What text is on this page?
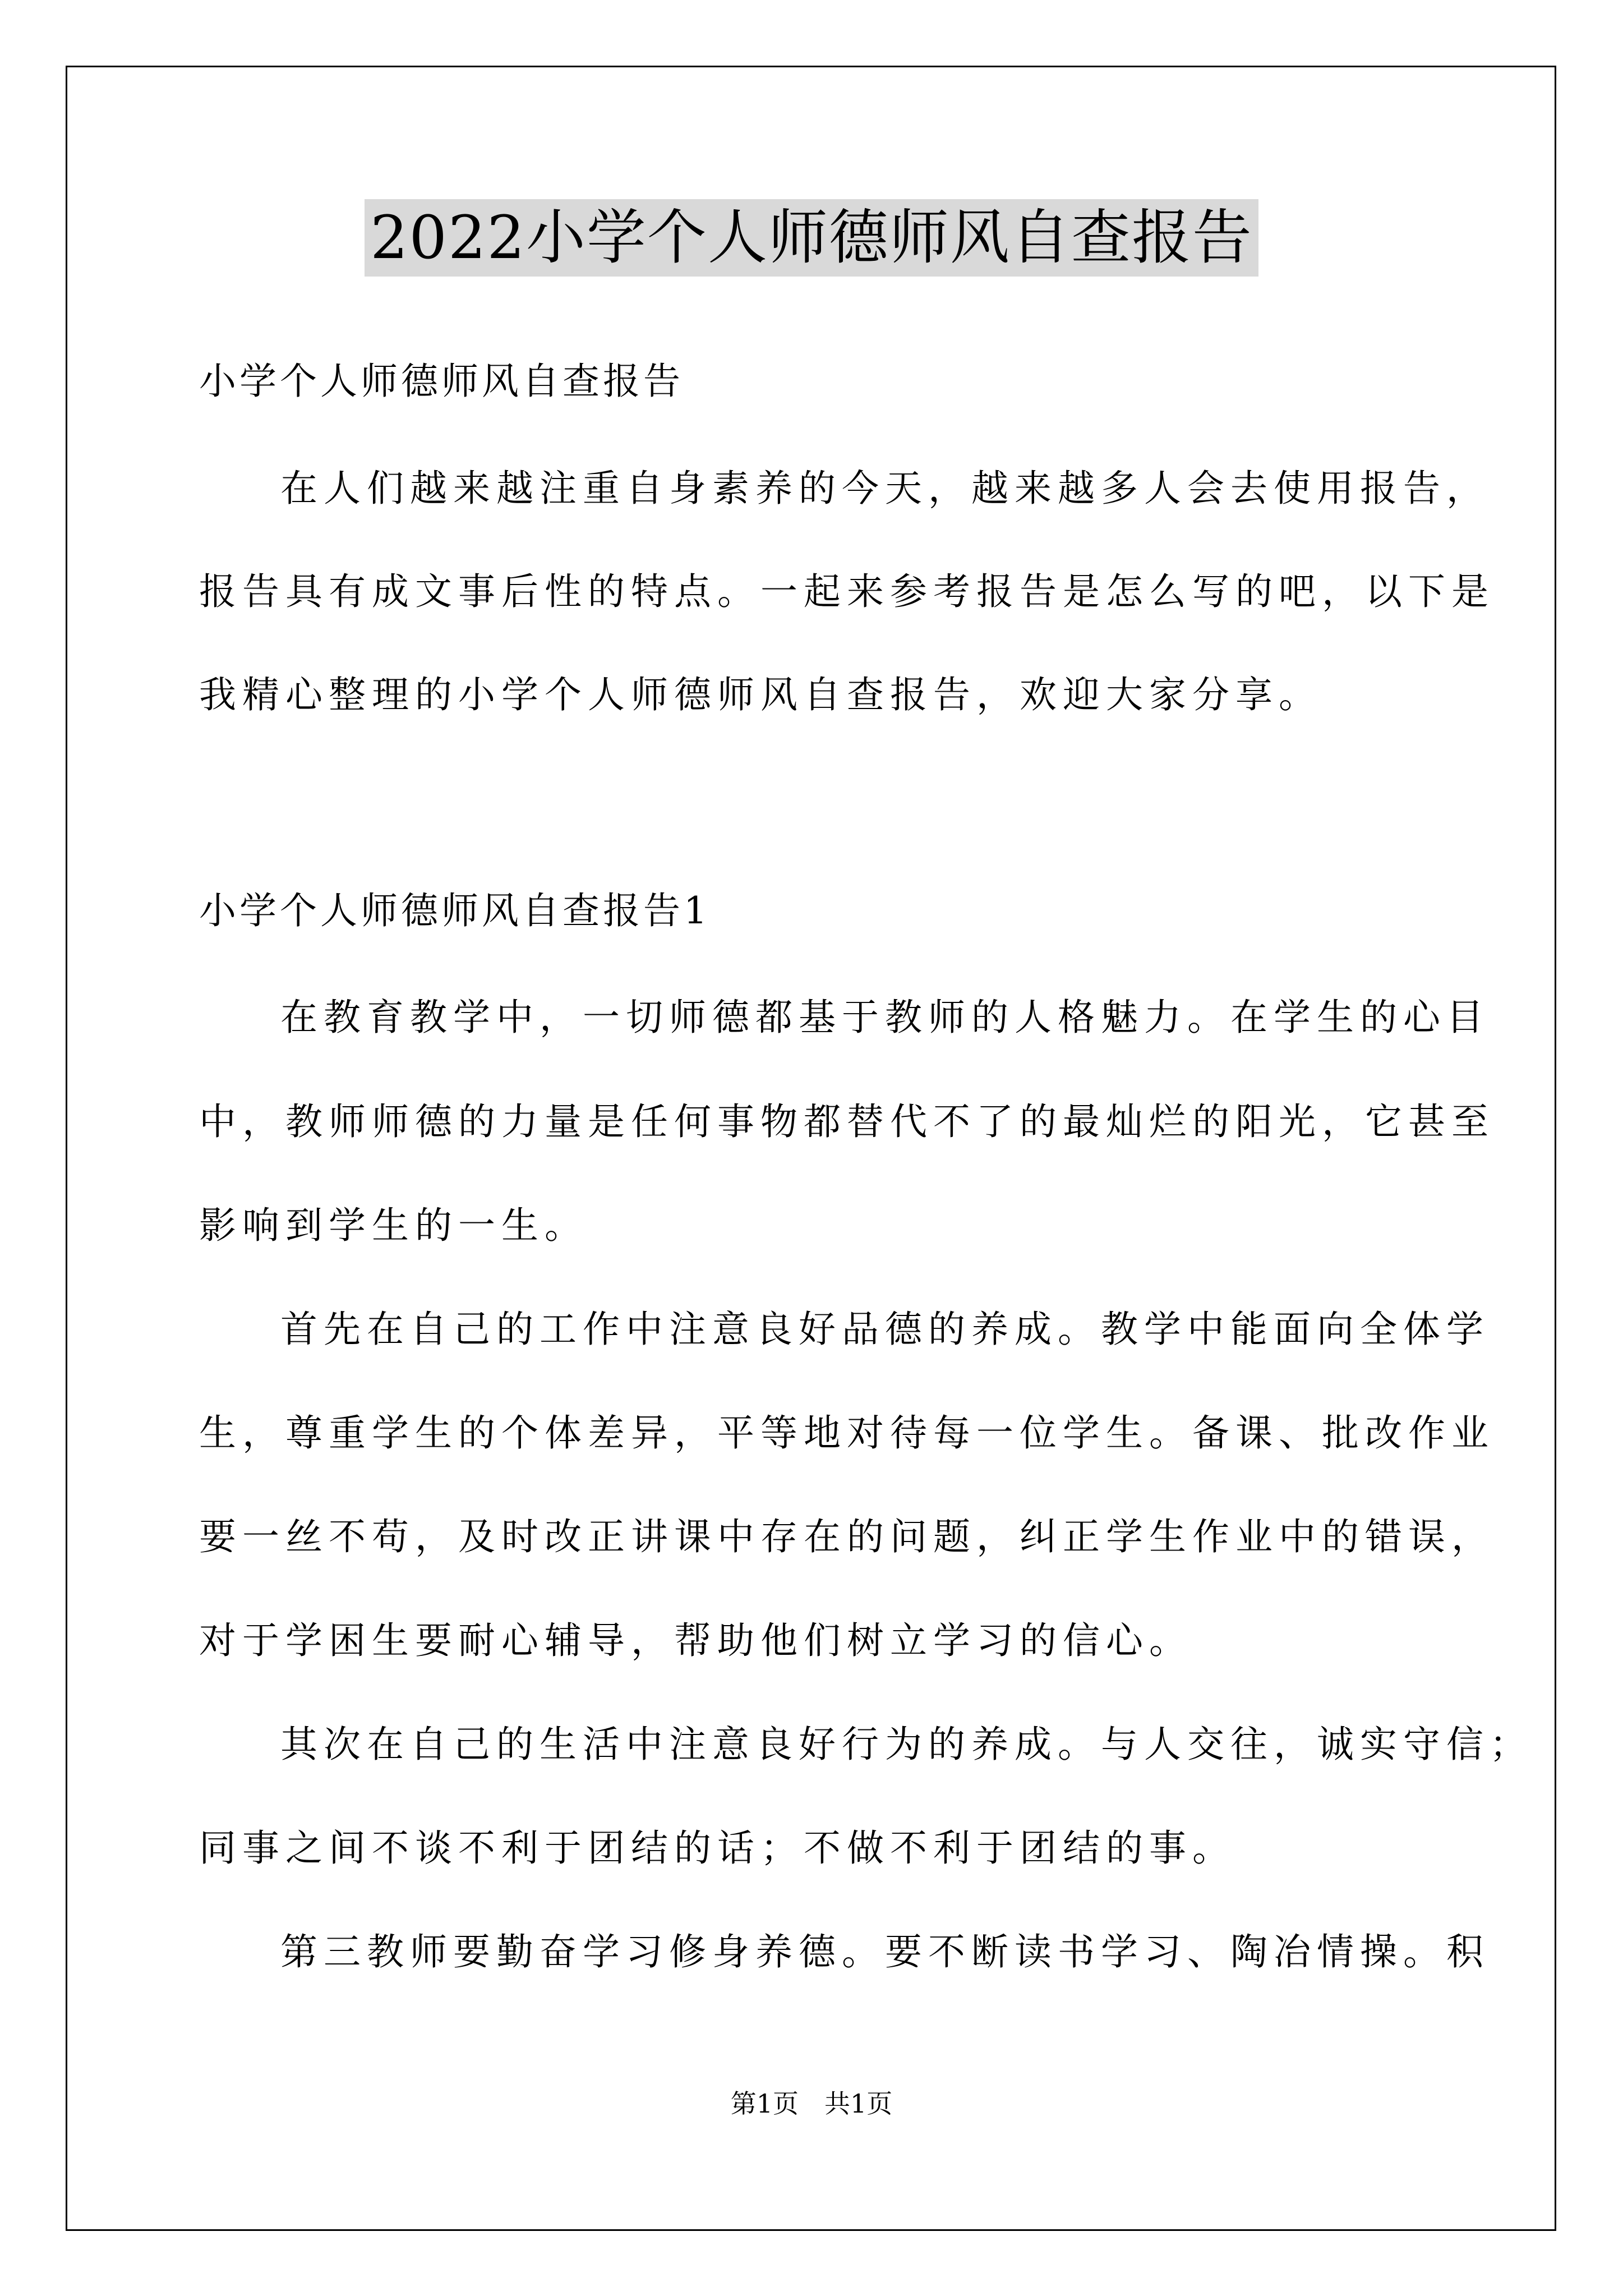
2022小学个人师德师风自查报告
小学个人师德师风自查报告
在人们越来越注重自身素养的今天，越来越多人会去使用报告，
报告具有成文事后性的特点。一起来参考报告是怎么写的吧，以下是
我精心整理的小学个人师德师风自查报告，欢迎大家分享。
小学个人师德师风自查报告1
在教育教学中，一切师德都基于教师的人格魅力。在学生的心目
中，教师师德的力量是任何事物都替代不了的最灿烂的阳光，它甚至
影响到学生的一生。
首先在自己的工作中注意良好品德的养成。教学中能面向全体学
生，尊重学生的个体差异，平等地对待每一位学生。备课、批改作业
要一丝不苟，及时改正讲课中存在的问题，纠正学生作业中的错误，
对于学困生要耐心辅导，帮助他们树立学习的信心。
其次在自己的生活中注意良好行为的养成。与人交往，诚实守信；
同事之间不谈不利于团结的话；不做不利于团结的事。
第三教师要勤奋学习修身养德。要不断读书学习、陶冶情操。积
第1页　共1页
